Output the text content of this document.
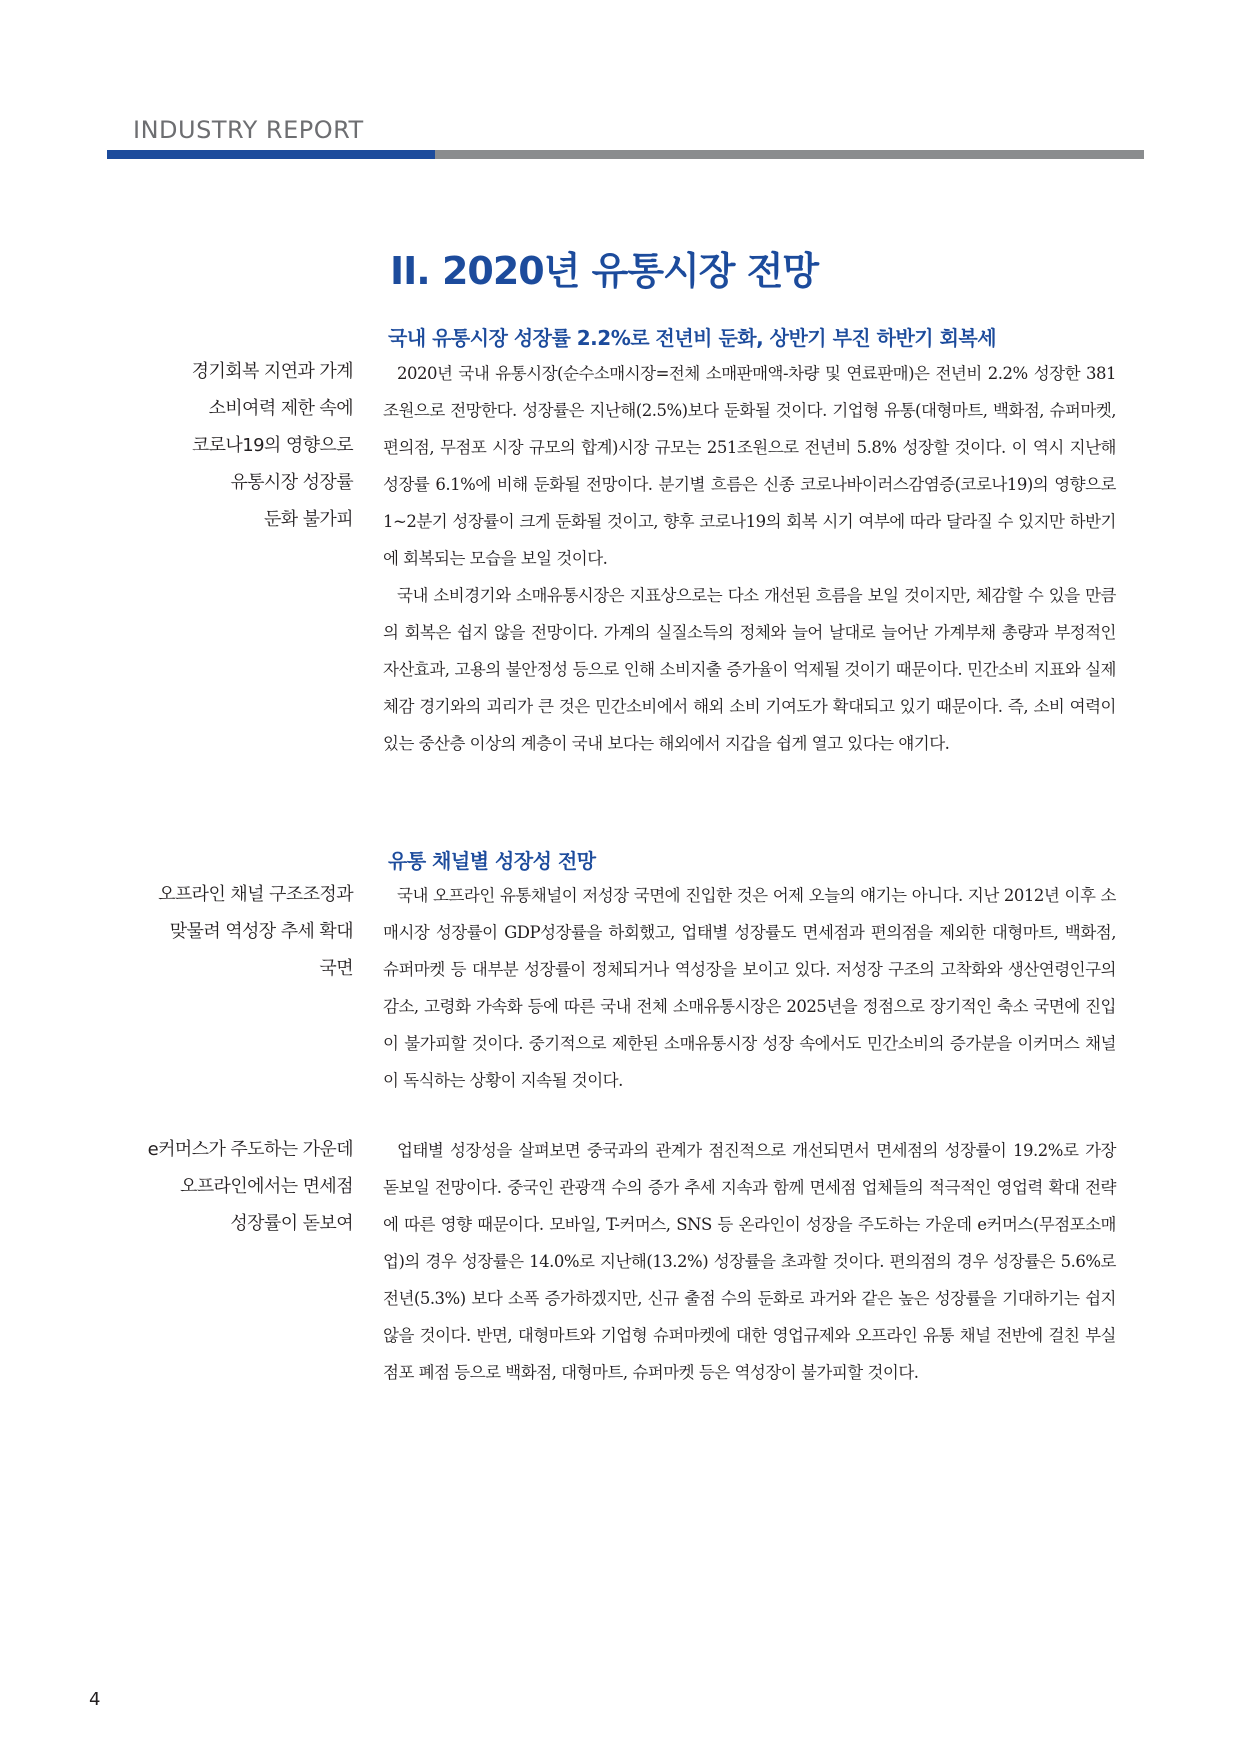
INDUSTRY REPORT
II. 2020년 유통시장 전망
국내 유통시장 성장률 2.2%로 전년비 둔화, 상반기 부진 하반기 회복세
경기회복 지연과 가계
소비여력 제한 속에
코로나19의 영향으로
유통시장 성장률
둔화 불가피

2020년 국내 유통시장(순수소매시장=전체 소매판매액-차량 및 연료판매)은 전년비 2.2% 성장한 381조원으로 전망한다. 성장률은 지난해(2.5%)보다 둔화될 것이다. 기업형 유통(대형마트, 백화점, 슈퍼마켓, 편의점, 무점포 시장 규모의 합계)시장 규모는 251조원으로 전년비 5.8% 성장할 것이다. 이 역시 지난해 성장률 6.1%에 비해 둔화될 전망이다. 분기별 흐름은 신종 코로나바이러스감염증(코로나19)의 영향으로 1~2분기 성장률이 크게 둔화될 것이고, 향후 코로나19의 회복 시기 여부에 따라 달라질 수 있지만 하반기에 회복되는 모습을 보일 것이다.

국내 소비경기와 소매유통시장은 지표상으로는 다소 개선된 흐름을 보일 것이지만, 체감할 수 있을 만큼의 회복은 쉽지 않을 전망이다. 가계의 실질소득의 정체와 늘어 날대로 늘어난 가계부채 총량과 부정적인 자산효과, 고용의 불안정성 등으로 인해 소비지출 증가율이 억제될 것이기 때문이다. 민간소비 지표와 실제 체감 경기와의 괴리가 큰 것은 민간소비에서 해외 소비 기여도가 확대되고 있기 때문이다. 즉, 소비 여력이 있는 중산층 이상의 계층이 국내 보다는 해외에서 지갑을 쉽게 열고 있다는 얘기다.

유통 채널별 성장성 전망
오프라인 채널 구조조정과
맞물려 역성장 추세 확대
국면

국내 오프라인 유통채널이 저성장 국면에 진입한 것은 어제 오늘의 얘기는 아니다. 지난 2012년 이후 소매시장 성장률이 GDP성장률을 하회했고, 업태별 성장률도 면세점과 편의점을 제외한 대형마트, 백화점, 슈퍼마켓 등 대부분 성장률이 정체되거나 역성장을 보이고 있다. 저성장 구조의 고착화와 생산연령인구의 감소, 고령화 가속화 등에 따른 국내 전체 소매유통시장은 2025년을 정점으로 장기적인 축소 국면에 진입이 불가피할 것이다. 중기적으로 제한된 소매유통시장 성장 속에서도 민간소비의 증가분을 이커머스 채널이 독식하는 상황이 지속될 것이다.

e커머스가 주도하는 가운데
오프라인에서는 면세점
성장률이 돋보여

업태별 성장성을 살펴보면 중국과의 관계가 점진적으로 개선되면서 면세점의 성장률이 19.2%로 가장 돋보일 전망이다. 중국인 관광객 수의 증가 추세 지속과 함께 면세점 업체들의 적극적인 영업력 확대 전략에 따른 영향 때문이다. 모바일, T-커머스, SNS 등 온라인이 성장을 주도하는 가운데 e커머스(무점포소매업)의 경우 성장률은 14.0%로 지난해(13.2%) 성장률을 초과할 것이다. 편의점의 경우 성장률은 5.6%로 전년(5.3%) 보다 소폭 증가하겠지만, 신규 출점 수의 둔화로 과거와 같은 높은 성장률을 기대하기는 쉽지 않을 것이다. 반면, 대형마트와 기업형 슈퍼마켓에 대한 영업규제와 오프라인 유통 채널 전반에 걸친 부실 점포 폐점 등으로 백화점, 대형마트, 슈퍼마켓 등은 역성장이 불가피할 것이다.

4
